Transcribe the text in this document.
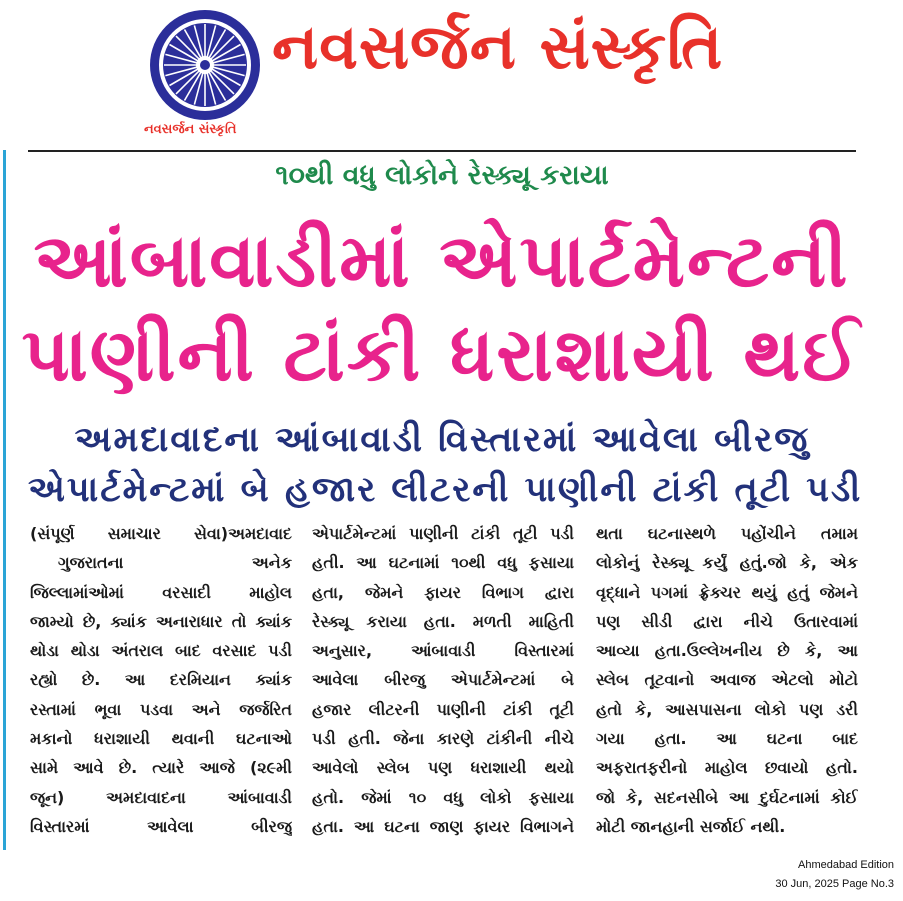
નવસર્જન સંસ્કૃતિ
નવસર્જન સંસ્કૃતિ
૧૦થી વધુ લોકોને રેસ્ક્યૂ કરાયા
આંબાવાડીમાં એપાર્ટમેન્ટની
પાણીની ટાંકી ધરાશાયી થઈ
અમદાવાદના આંબાવાડી વિસ્તારમાં આવેલા બીરજુ
એપાર્ટમેન્ટમાં બે હજાર લીટરની પાણીની ટાંકી તૂટી પડી
(સંપૂર્ણ સમાચાર સેવા)અમદાવાદ
ગુજરાતના અનેક
જિલ્લામાંઓમાં વરસાદી માહોલ
જામ્યો છે, ક્યાંક અનારાધાર તો ક્યાંક
થોડા થોડા અંતરાલ બાદ વરસાદ પડી
રહ્યો છે. આ દરમિયાન ક્યાંક
રસ્તામાં ભૂવા પડવા અને જર્જરિત
મકાનો ધરાશાયી થવાની ઘટનાઓ
સામે આવે છે. ત્યારે આજે (૨૯મી
જૂન) અમદાવાદના આંબાવાડી
વિસ્તારમાં આવેલા બીરજુ
એપાર્ટમેન્ટમાં પાણીની ટાંકી તૂટી પડી
હતી. આ ઘટનામાં ૧૦થી વધુ ફસાયા
હતા, જેમને ફાયર વિભાગ દ્વારા
રેસ્ક્યૂ કરાયા હતા. મળતી માહિતી
અનુસાર, આંબાવાડી વિસ્તારમાં
આવેલા બીરજુ એપાર્ટમેન્ટમાં બે
હજાર લીટરની પાણીની ટાંકી તૂટી
પડી હતી. જેના કારણે ટાંકીની નીચે
આવેલો સ્લેબ પણ ધરાશાયી થયો
હતો. જેમાં ૧૦ વધુ લોકો ફસાયા
હતા. આ ઘટના જાણ ફાયર વિભાગને
થતા ઘટનાસ્થળે પહોંચીને તમામ
લોકોનું રેસ્ક્યૂ કર્યું હતું.જો કે, એક
વૃદ્ધાને પગમાં ફ્રેક્ચર થયું હતું જેમને
પણ સીડી દ્વારા નીચે ઉતારવામાં
આવ્યા હતા.ઉલ્લેખનીય છે કે, આ
સ્લેબ તૂટવાનો અવાજ એટલો મોટો
હતો કે, આસપાસના લોકો પણ ડરી
ગયા હતા. આ ઘટના બાદ
અફરાતફરીનો માહોલ છવાયો હતો.
જો કે, સદનસીબે આ દુર્ઘટનામાં કોઈ
મોટી જાનહાની સર્જાઈ નથી.
Ahmedabad Edition
30 Jun, 2025 Page No.3
